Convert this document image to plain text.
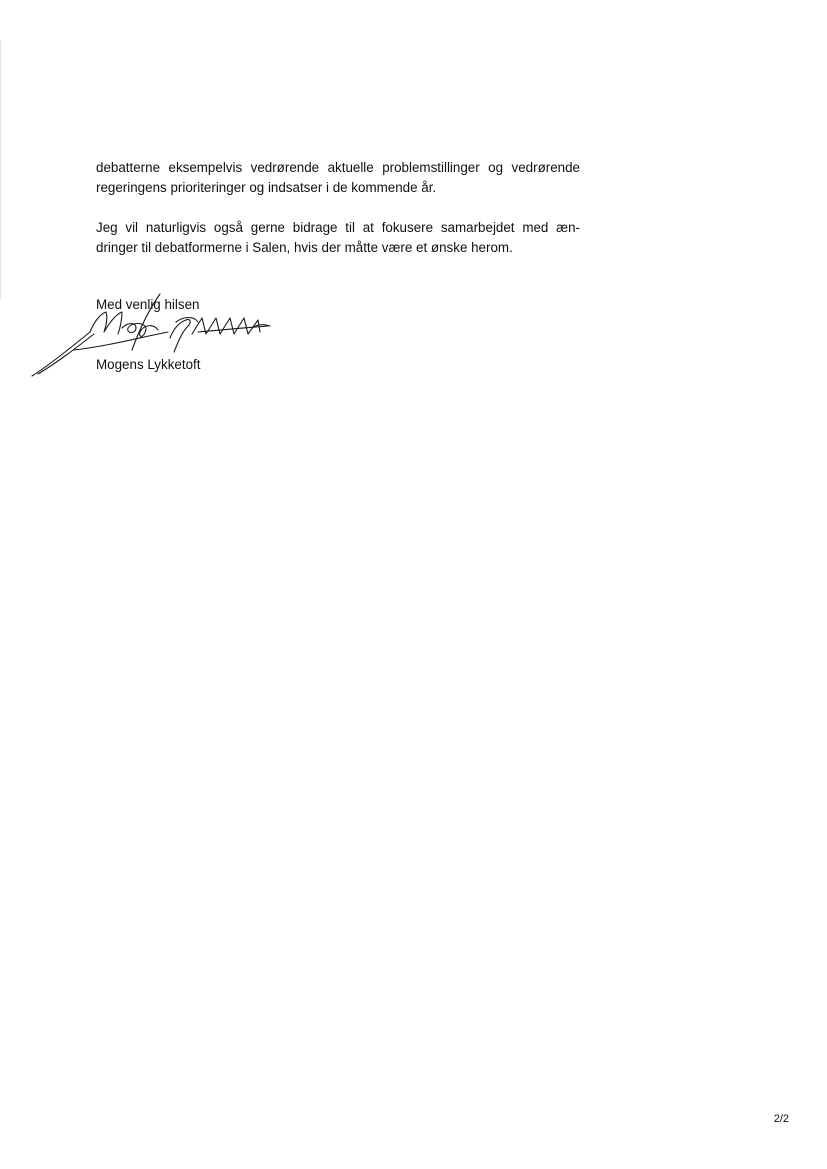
debatterne eksempelvis vedrørende aktuelle problemstillinger og vedrørende
regeringens prioriteringer og indsatser i de kommende år.

Jeg vil naturligvis også gerne bidrage til at fokusere samarbejdet med æn-
dringer til debatformerne i Salen, hvis der måtte være et ønske herom.

Med venlig hilsen

Mogens Lykketoft

2/2
